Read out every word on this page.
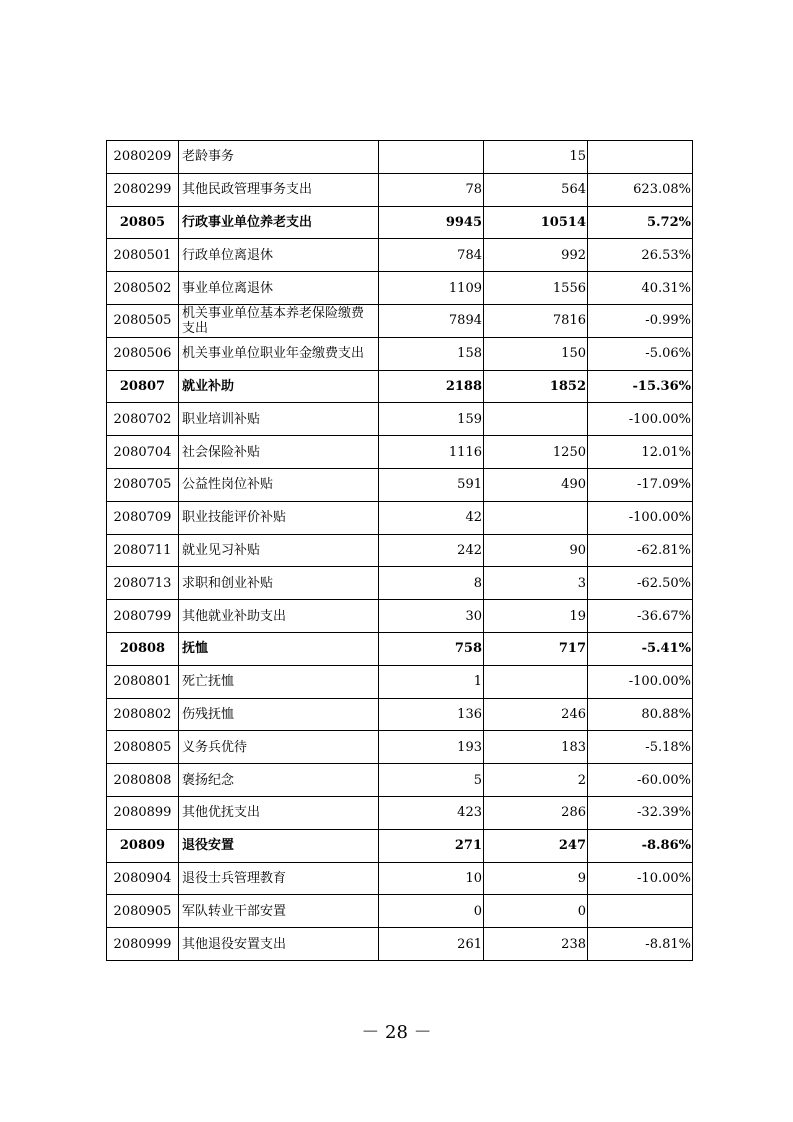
2080209	老龄事务		15	
2080299	其他民政管理事务支出	78	564	623.08%
20805	行政事业单位养老支出	9945	10514	5.72%
2080501	行政单位离退休	784	992	26.53%
2080502	事业单位离退休	1109	1556	40.31%
2080505	机关事业单位基本养老保险缴费支出	7894	7816	-0.99%
2080506	机关事业单位职业年金缴费支出	158	150	-5.06%
20807	就业补助	2188	1852	-15.36%
2080702	职业培训补贴	159		-100.00%
2080704	社会保险补贴	1116	1250	12.01%
2080705	公益性岗位补贴	591	490	-17.09%
2080709	职业技能评价补贴	42		-100.00%
2080711	就业见习补贴	242	90	-62.81%
2080713	求职和创业补贴	8	3	-62.50%
2080799	其他就业补助支出	30	19	-36.67%
20808	抚恤	758	717	-5.41%
2080801	死亡抚恤	1		-100.00%
2080802	伤残抚恤	136	246	80.88%
2080805	义务兵优待	193	183	-5.18%
2080808	褒扬纪念	5	2	-60.00%
2080899	其他优抚支出	423	286	-32.39%
20809	退役安置	271	247	-8.86%
2080904	退役士兵管理教育	10	9	-10.00%
2080905	军队转业干部安置	0	0	
2080999	其他退役安置支出	261	238	-8.81%
－ 28 －
